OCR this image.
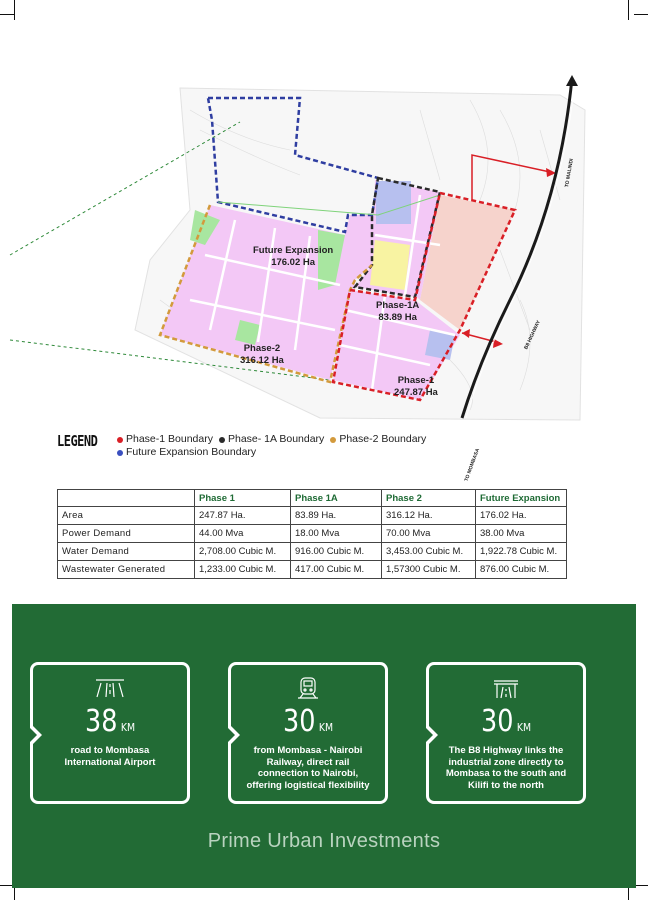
Future Expansion
176.02 Ha
Phase-1A
83.89 Ha
Phase-2
316.12 Ha
Phase-1
247.87 Ha
TO MALINDI
B8 HIGHWAY
TO MOMBASA
LEGEND	Phase-1 Boundary Phase- 1A Boundary Phase-2 Boundary
Future Expansion Boundary
	Phase 1	Phase 1A	Phase 2	Future Expansion
Area	247.87 Ha.	83.89 Ha.	316.12 Ha.	176.02 Ha.
Power Demand	44.00 Mva	18.00 Mva	70.00 Mva	38.00 Mva
Water Demand	2,708.00 Cubic M.	916.00 Cubic M.	3,453.00 Cubic M.	1,922.78 Cubic M.
Wastewater Generated	1,233.00 Cubic M.	417.00 Cubic M.	1,57300 Cubic M.	876.00 Cubic M.
38 KM
road to Mombasa International Airport
30 KM
from Mombasa - Nairobi Railway, direct rail connection to Nairobi, offering logistical flexibility
30 KM
The B8 Highway links the industrial zone directly to Mombasa to the south and Kilifi to the north
Prime Urban Investments
